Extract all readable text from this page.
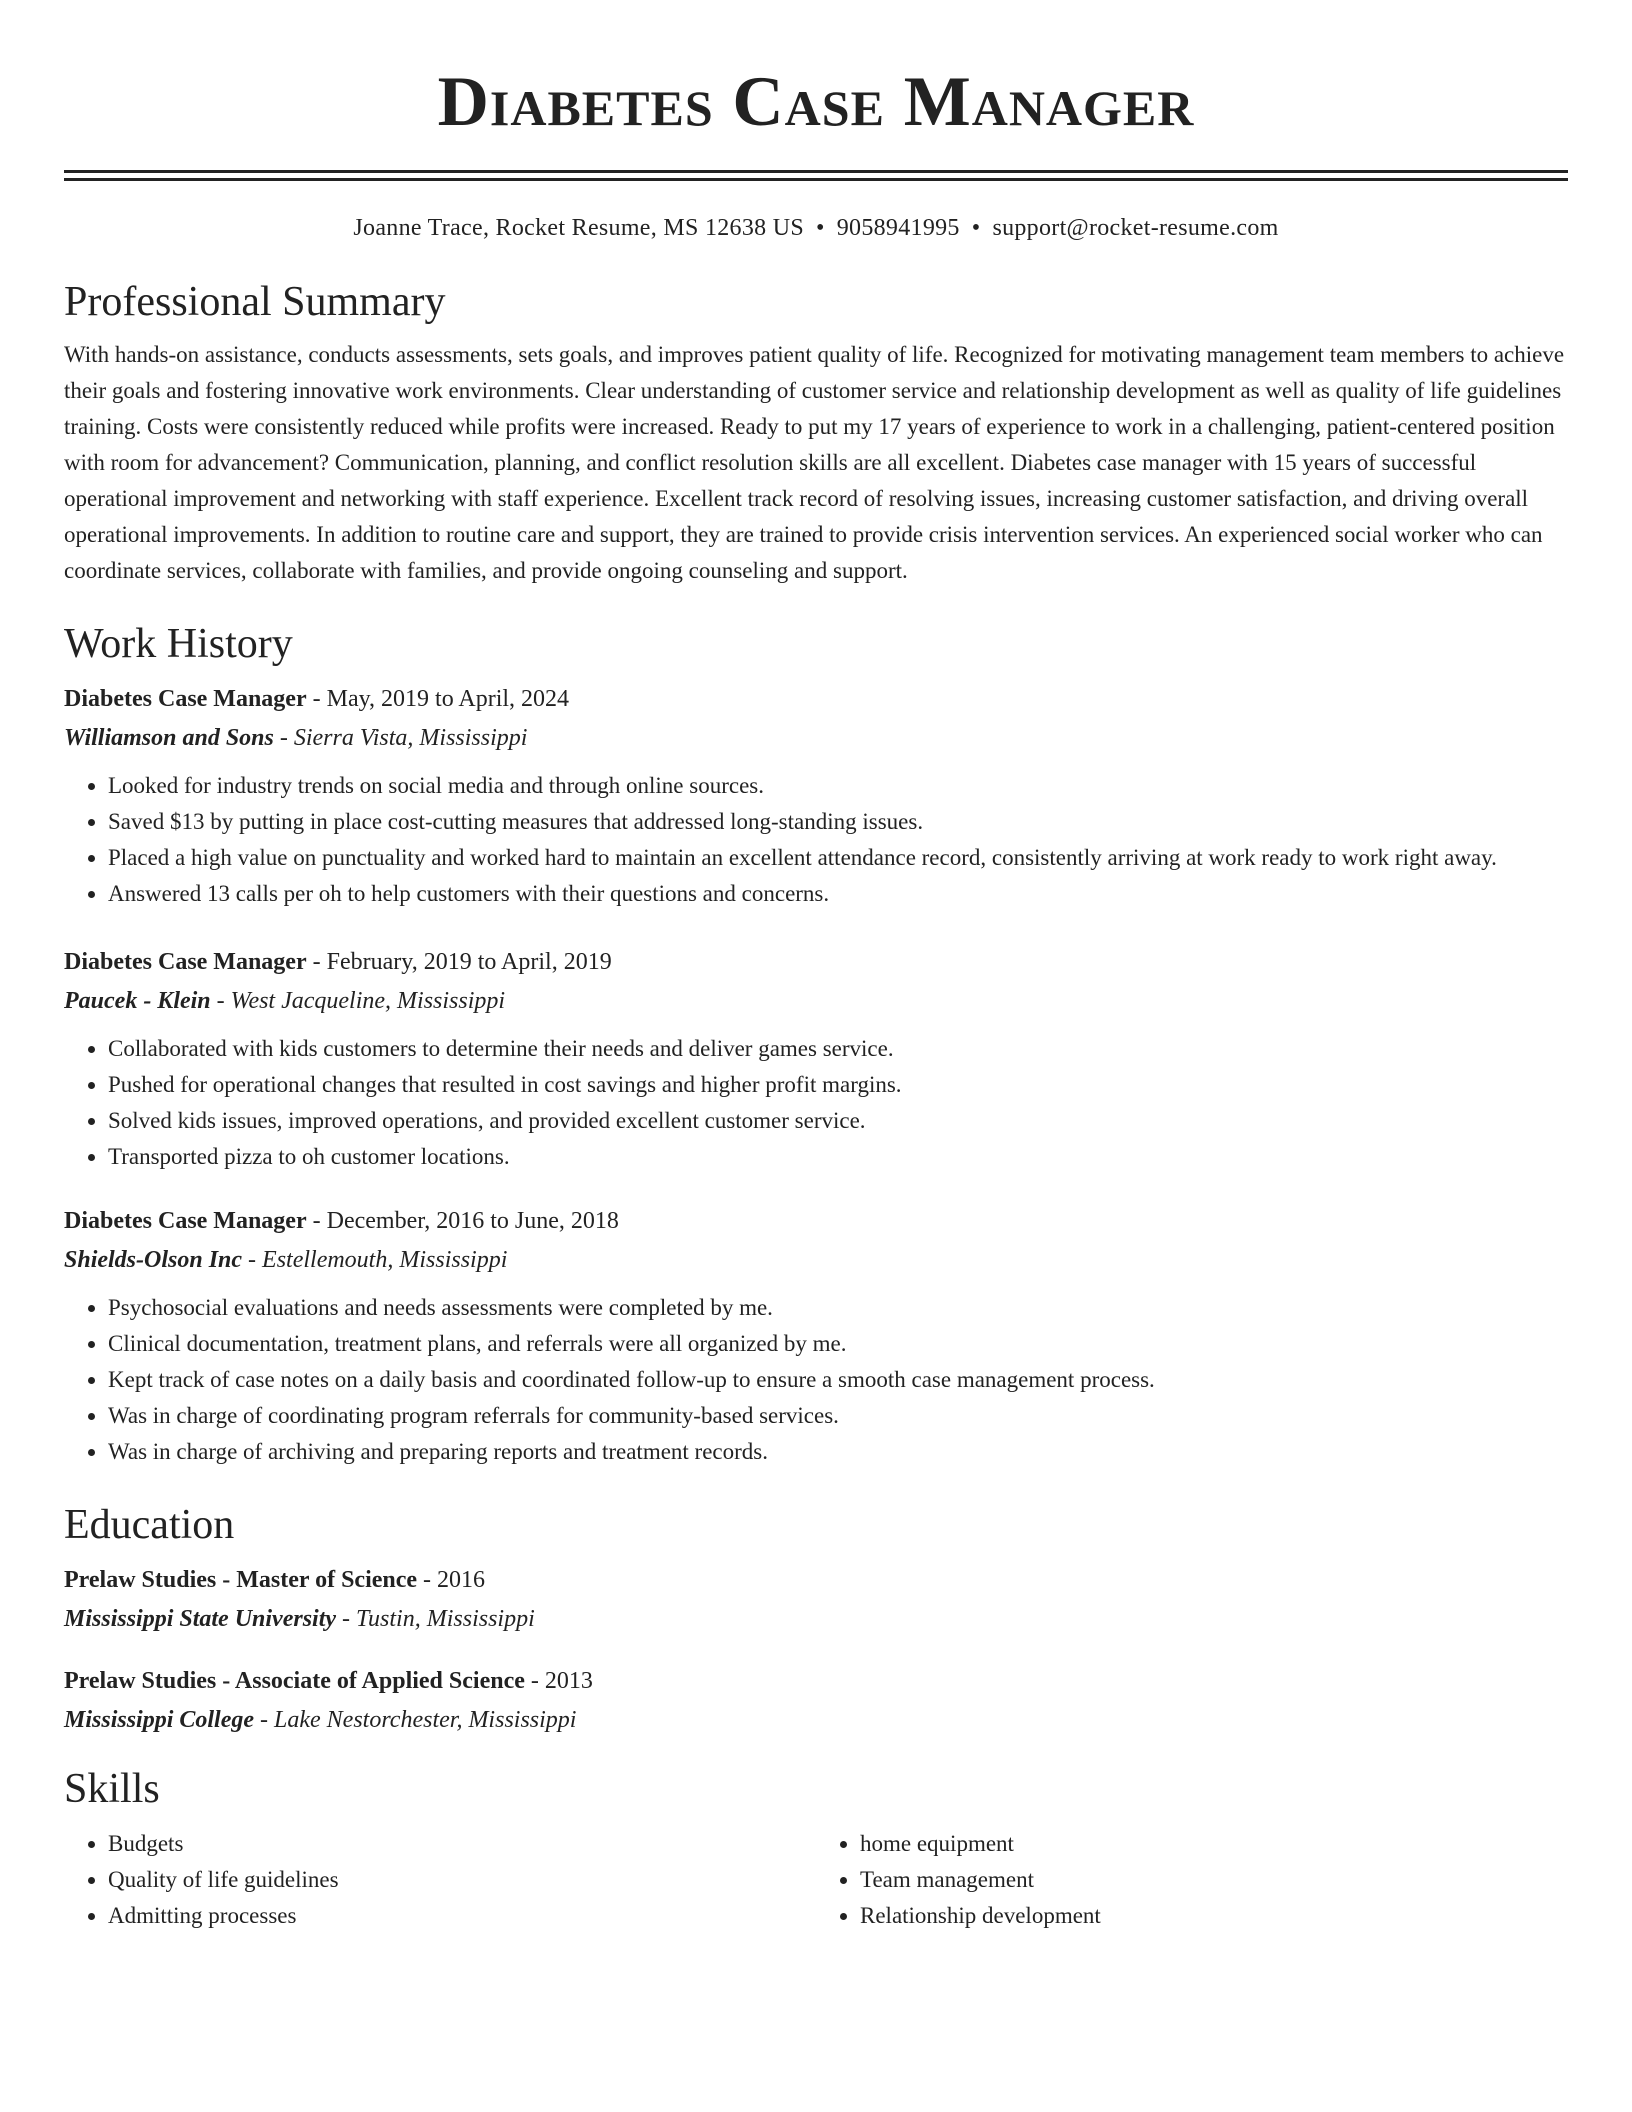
Diabetes Case Manager
Joanne Trace, Rocket Resume, MS 12638 US • 9058941995 • support@rocket-resume.com
Professional Summary

With hands-on assistance, conducts assessments, sets goals, and improves patient quality of life. Recognized for motivating management team members to achieve their goals and fostering innovative work environments. Clear understanding of customer service and relationship development as well as quality of life guidelines training. Costs were consistently reduced while profits were increased. Ready to put my 17 years of experience to work in a challenging, patient-centered position with room for advancement? Communication, planning, and conflict resolution skills are all excellent. Diabetes case manager with 15 years of successful operational improvement and networking with staff experience. Excellent track record of resolving issues, increasing customer satisfaction, and driving overall operational improvements. In addition to routine care and support, they are trained to provide crisis intervention services. An experienced social worker who can coordinate services, collaborate with families, and provide ongoing counseling and support.

Work History
Diabetes Case Manager - May, 2019 to April, 2024
Williamson and Sons - Sierra Vista, Mississippi
• Looked for industry trends on social media and through online sources.
• Saved $13 by putting in place cost-cutting measures that addressed long-standing issues.
• Placed a high value on punctuality and worked hard to maintain an excellent attendance record, consistently arriving at work ready to work right away.
• Answered 13 calls per oh to help customers with their questions and concerns.
Diabetes Case Manager - February, 2019 to April, 2019
Paucek - Klein - West Jacqueline, Mississippi
• Collaborated with kids customers to determine their needs and deliver games service.
• Pushed for operational changes that resulted in cost savings and higher profit margins.
• Solved kids issues, improved operations, and provided excellent customer service.
• Transported pizza to oh customer locations.
Diabetes Case Manager - December, 2016 to June, 2018
Shields-Olson Inc - Estellemouth, Mississippi
• Psychosocial evaluations and needs assessments were completed by me.
• Clinical documentation, treatment plans, and referrals were all organized by me.
• Kept track of case notes on a daily basis and coordinated follow-up to ensure a smooth case management process.
• Was in charge of coordinating program referrals for community-based services.
• Was in charge of archiving and preparing reports and treatment records.
Education
Prelaw Studies - Master of Science - 2016
Mississippi State University - Tustin, Mississippi
Prelaw Studies - Associate of Applied Science - 2013
Mississippi College - Lake Nestorchester, Mississippi
Skills
• Budgets
• Quality of life guidelines
• Admitting processes
• home equipment
• Team management
• Relationship development
